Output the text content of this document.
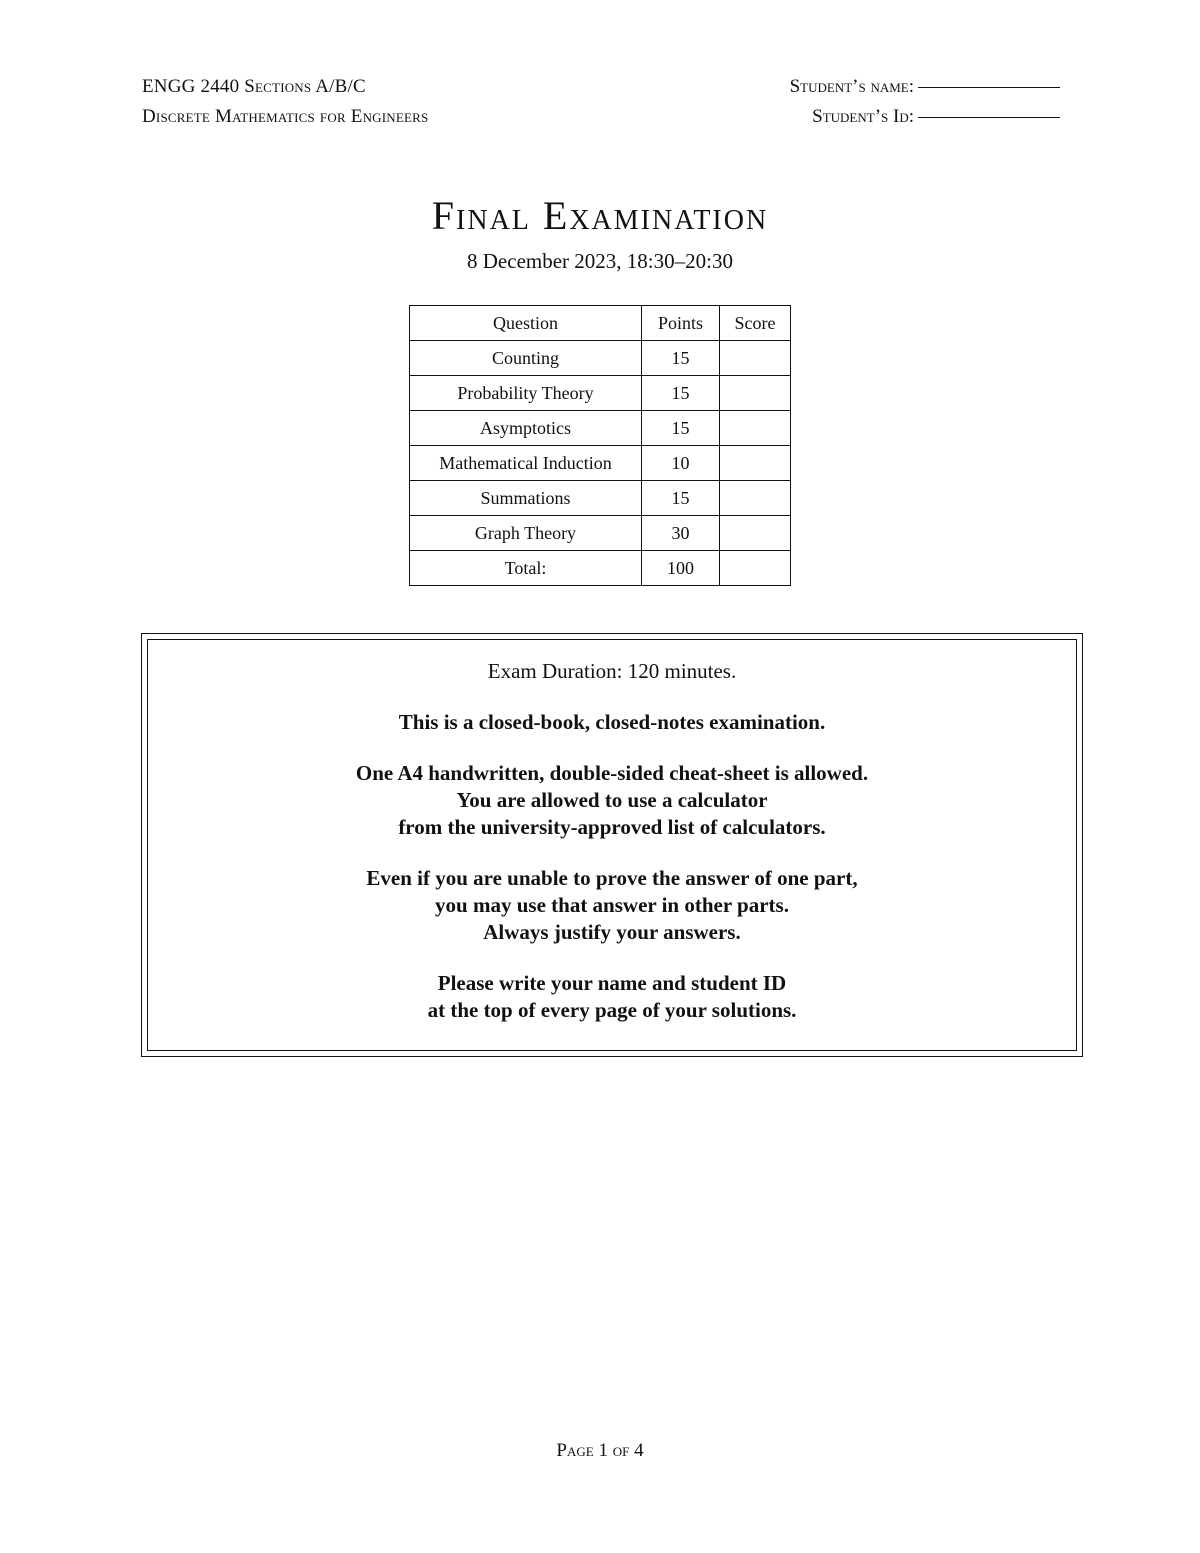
ENGG 2440 Sections A/B/C
Discrete Mathematics for Engineers
Student’s name:
Student’s Id:
Final Examination
8 December 2023, 18:30–20:30
Question	Points	Score
Counting	15	
Probability Theory	15	
Asymptotics	15	
Mathematical Induction	10	
Summations	15	
Graph Theory	30	
Total:	100	

Exam Duration: 120 minutes.

This is a closed-book, closed-notes examination.

One A4 handwritten, double-sided cheat-sheet is allowed.
You are allowed to use a calculator
from the university-approved list of calculators.

Even if you are unable to prove the answer of one part,
you may use that answer in other parts.
Always justify your answers.

Please write your name and student ID
at the top of every page of your solutions.

Page 1 of 4
